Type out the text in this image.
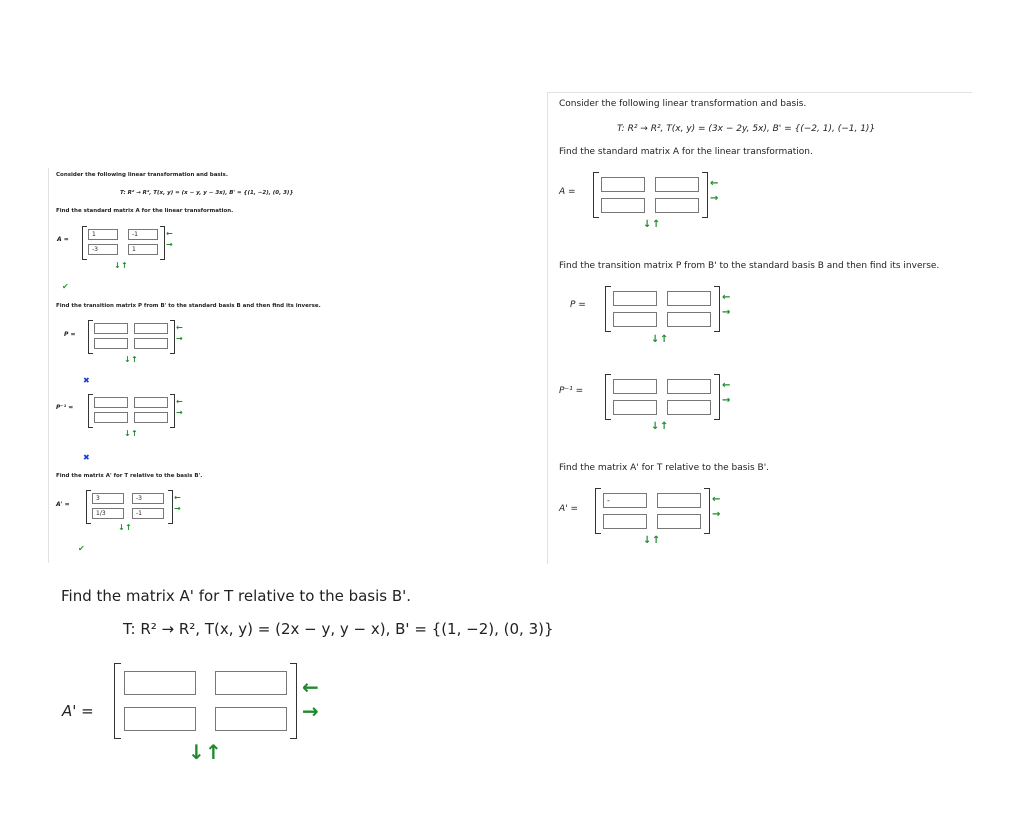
Consider the following linear transformation and basis.
T: R² → R², T(x, y) = (x − y, y − 3x), B' = {(1, −2), (0, 3)}
Find the standard matrix A for the linear transformation.
A =
1
-1
-3
1
←
→
↓ ↑
✔
Find the transition matrix P from B' to the standard basis B and then find its inverse.
P =
←
→
↓ ↑
✖
P⁻¹ =
←
→
↓ ↑
✖
Find the matrix A' for T relative to the basis B'.
A' =
3
-3
1/3
-1
←
→
↓ ↑
✔
Consider the following linear transformation and basis.
T: R² → R², T(x, y) = (3x − 2y, 5x), B' = {(−2, 1), (−1, 1)}
Find the standard matrix A for the linear transformation.
A =
←
→
↓ ↑
Find the transition matrix P from B' to the standard basis B and then find its inverse.
P =
←
→
↓ ↑
P⁻¹ =	←
→
↓ ↑
Find the matrix A' for T relative to the basis B'.
A' =
-
←
→
↓ ↑
Find the matrix A' for T relative to the basis B'.
T: R² → R², T(x, y) = (2x − y, y − x), B' = {(1, −2), (0, 3)}
A' =
←
→
↓ ↑
